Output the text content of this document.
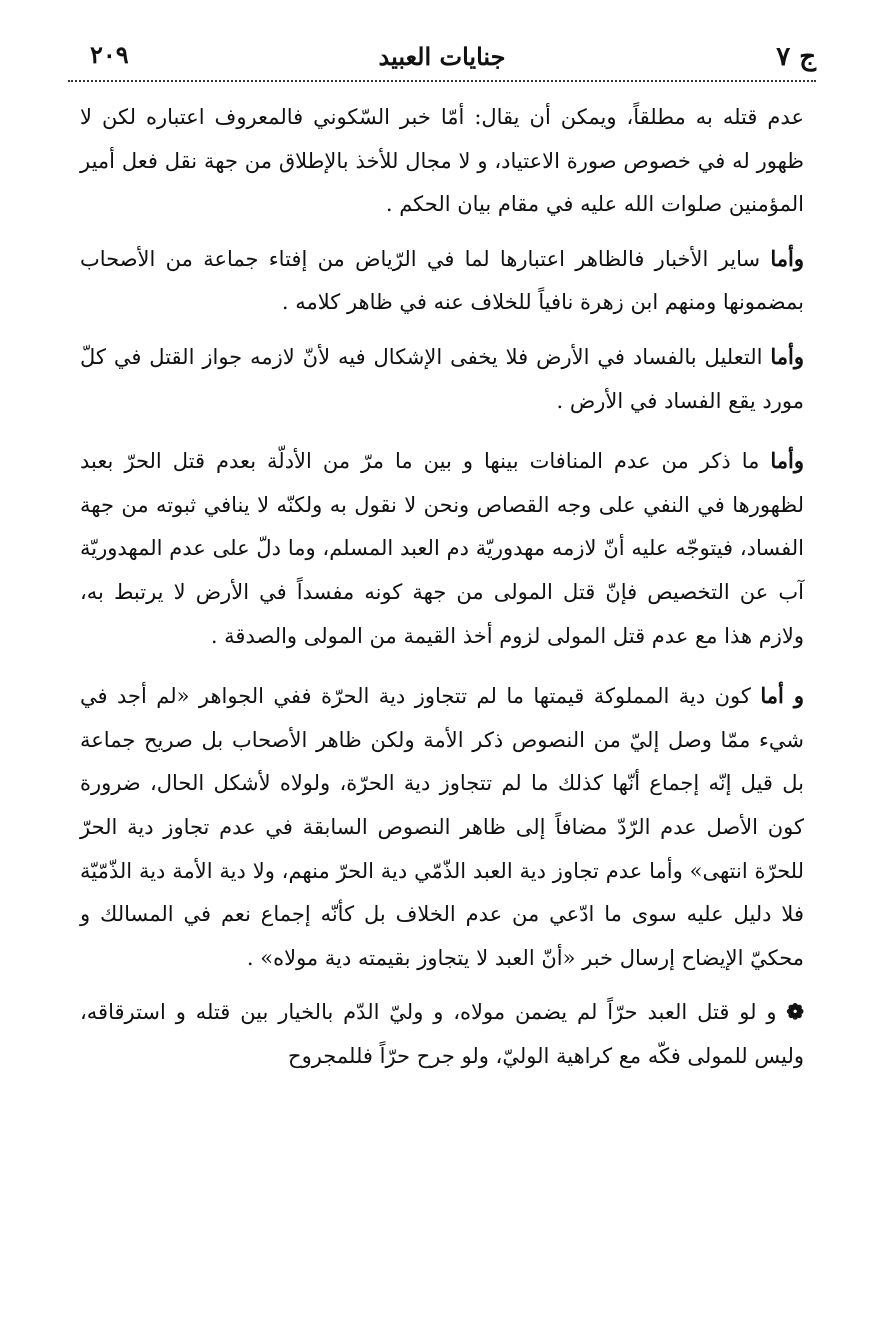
ج ٧
جنايات العبيد
٢٠٩

عدم قتله به مطلقاً، ويمكن أن يقال: أمّا خبر السّكوني فالمعروف اعتباره لكن لا ظهور له في خصوص صورة الاعتياد، و لا مجال للأخذ بالإطلاق من جهة نقل فعل أمير المؤمنين صلوات الله عليه في مقام بيان الحكم .

وأما ساير الأخبار فالظاهر اعتبارها لما في الرّياض من إفتاء جماعة من الأصحاب بمضمونها ومنهم ابن زهرة نافياً للخلاف عنه في ظاهر كلامه .

وأما التعليل بالفساد في الأرض فلا يخفى الإشكال فيه لأنّ لازمه جواز القتل في كلّ مورد يقع الفساد في الأرض .

وأما ما ذكر من عدم المنافات بينها و بين ما مرّ من الأدلّة بعدم قتل الحرّ بعبد لظهورها في النفي على وجه القصاص ونحن لا نقول به ولكنّه لا ينافي ثبوته من جهة الفساد، فيتوجّه عليه أنّ لازمه مهدوريّة دم العبد المسلم، وما دلّ على عدم المهدوريّة آب عن التخصيص فإنّ قتل المولى من جهة كونه مفسداً في الأرض لا يرتبط به، ولازم هذا مع عدم قتل المولى لزوم أخذ القيمة من المولى والصدقة .

و أما كون دية المملوكة قيمتها ما لم تتجاوز دية الحرّة ففي الجواهر «لم أجد في شيء ممّا وصل إليّ من النصوص ذكر الأمة ولكن ظاهر الأصحاب بل صريح جماعة بل قيل إنّه إجماع أنّها كذلك ما لم تتجاوز دية الحرّة، ولولاه لأشكل الحال، ضرورة كون الأصل عدم الرّدّ مضافاً إلى ظاهر النصوص السابقة في عدم تجاوز دية الحرّ للحرّة انتهى» وأما عدم تجاوز دية العبد الذّمّي دية الحرّ منهم، ولا دية الأمة دية الذّمّيّة فلا دليل عليه سوى ما ادّعي من عدم الخلاف بل كأنّه إجماع نعم في المسالك و محكيّ الإيضاح إرسال خبر «أنّ العبد لا يتجاوز بقيمته دية مولاه» .

❁ و لو قتل العبد حرّاً لم يضمن مولاه، و وليّ الدّم بالخيار بين قتله و استرقاقه، وليس للمولى فكّه مع كراهية الوليّ، ولو جرح حرّاً فللمجروح
